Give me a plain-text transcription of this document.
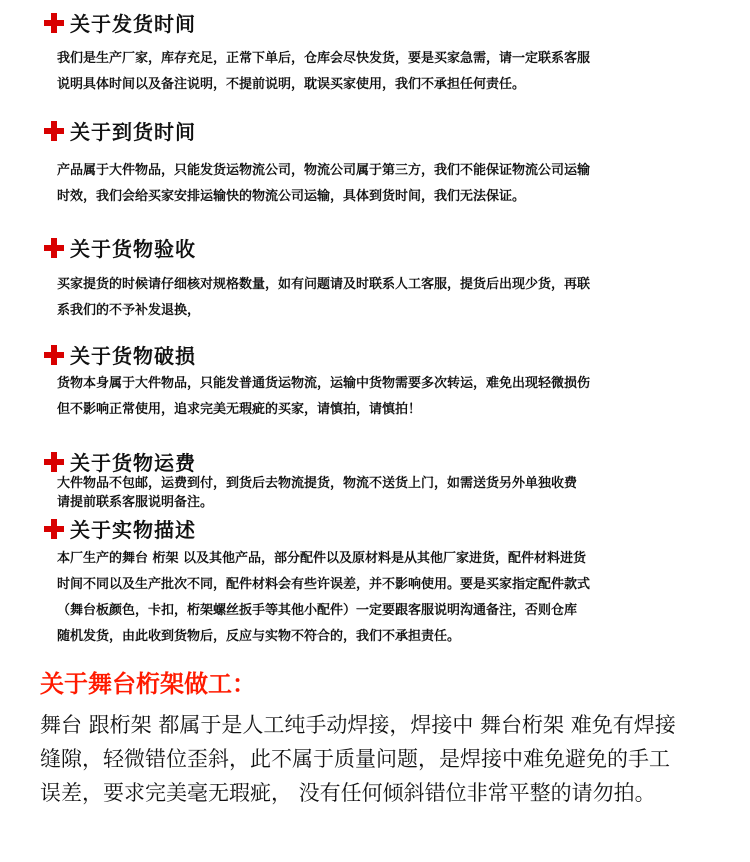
关于发货时间
我们是生产厂家，库存充足，正常下单后，仓库会尽快发货，要是买家急需，请一定联系客服
说明具体时间以及备注说明，不提前说明，耽误买家使用，我们不承担任何责任。
关于到货时间
产品属于大件物品，只能发货运物流公司，物流公司属于第三方，我们不能保证物流公司运输
时效，我们会给买家安排运输快的物流公司运输，具体到货时间，我们无法保证。
关于货物验收
买家提货的时候请仔细核对规格数量，如有问题请及时联系人工客服，提货后出现少货，再联
系我们的不予补发退换，
关于货物破损
货物本身属于大件物品，只能发普通货运物流，运输中货物需要多次转运，难免出现轻微损伤
但不影响正常使用，追求完美无瑕疵的买家，请慎拍，请慎拍！
关于货物运费
大件物品不包邮，运费到付，到货后去物流提货，物流不送货上门，如需送货另外单独收费
请提前联系客服说明备注。
关于实物描述
本厂生产的舞台 桁架 以及其他产品，部分配件以及原材料是从其他厂家进货，配件材料进货
时间不同以及生产批次不同，配件材料会有些许误差，并不影响使用。要是买家指定配件款式
（舞台板颜色，卡扣，桁架螺丝扳手等其他小配件）一定要跟客服说明沟通备注，否则仓库
随机发货，由此收到货物后，反应与实物不符合的，我们不承担责任。
关于舞台桁架做工：
舞台 跟桁架 都属于是人工纯手动焊接，焊接中 舞台桁架 难免有焊接
缝隙，轻微错位歪斜，此不属于质量问题，是焊接中难免避免的手工
误差，要求完美毫无瑕疵， 没有任何倾斜错位非常平整的请勿拍。
